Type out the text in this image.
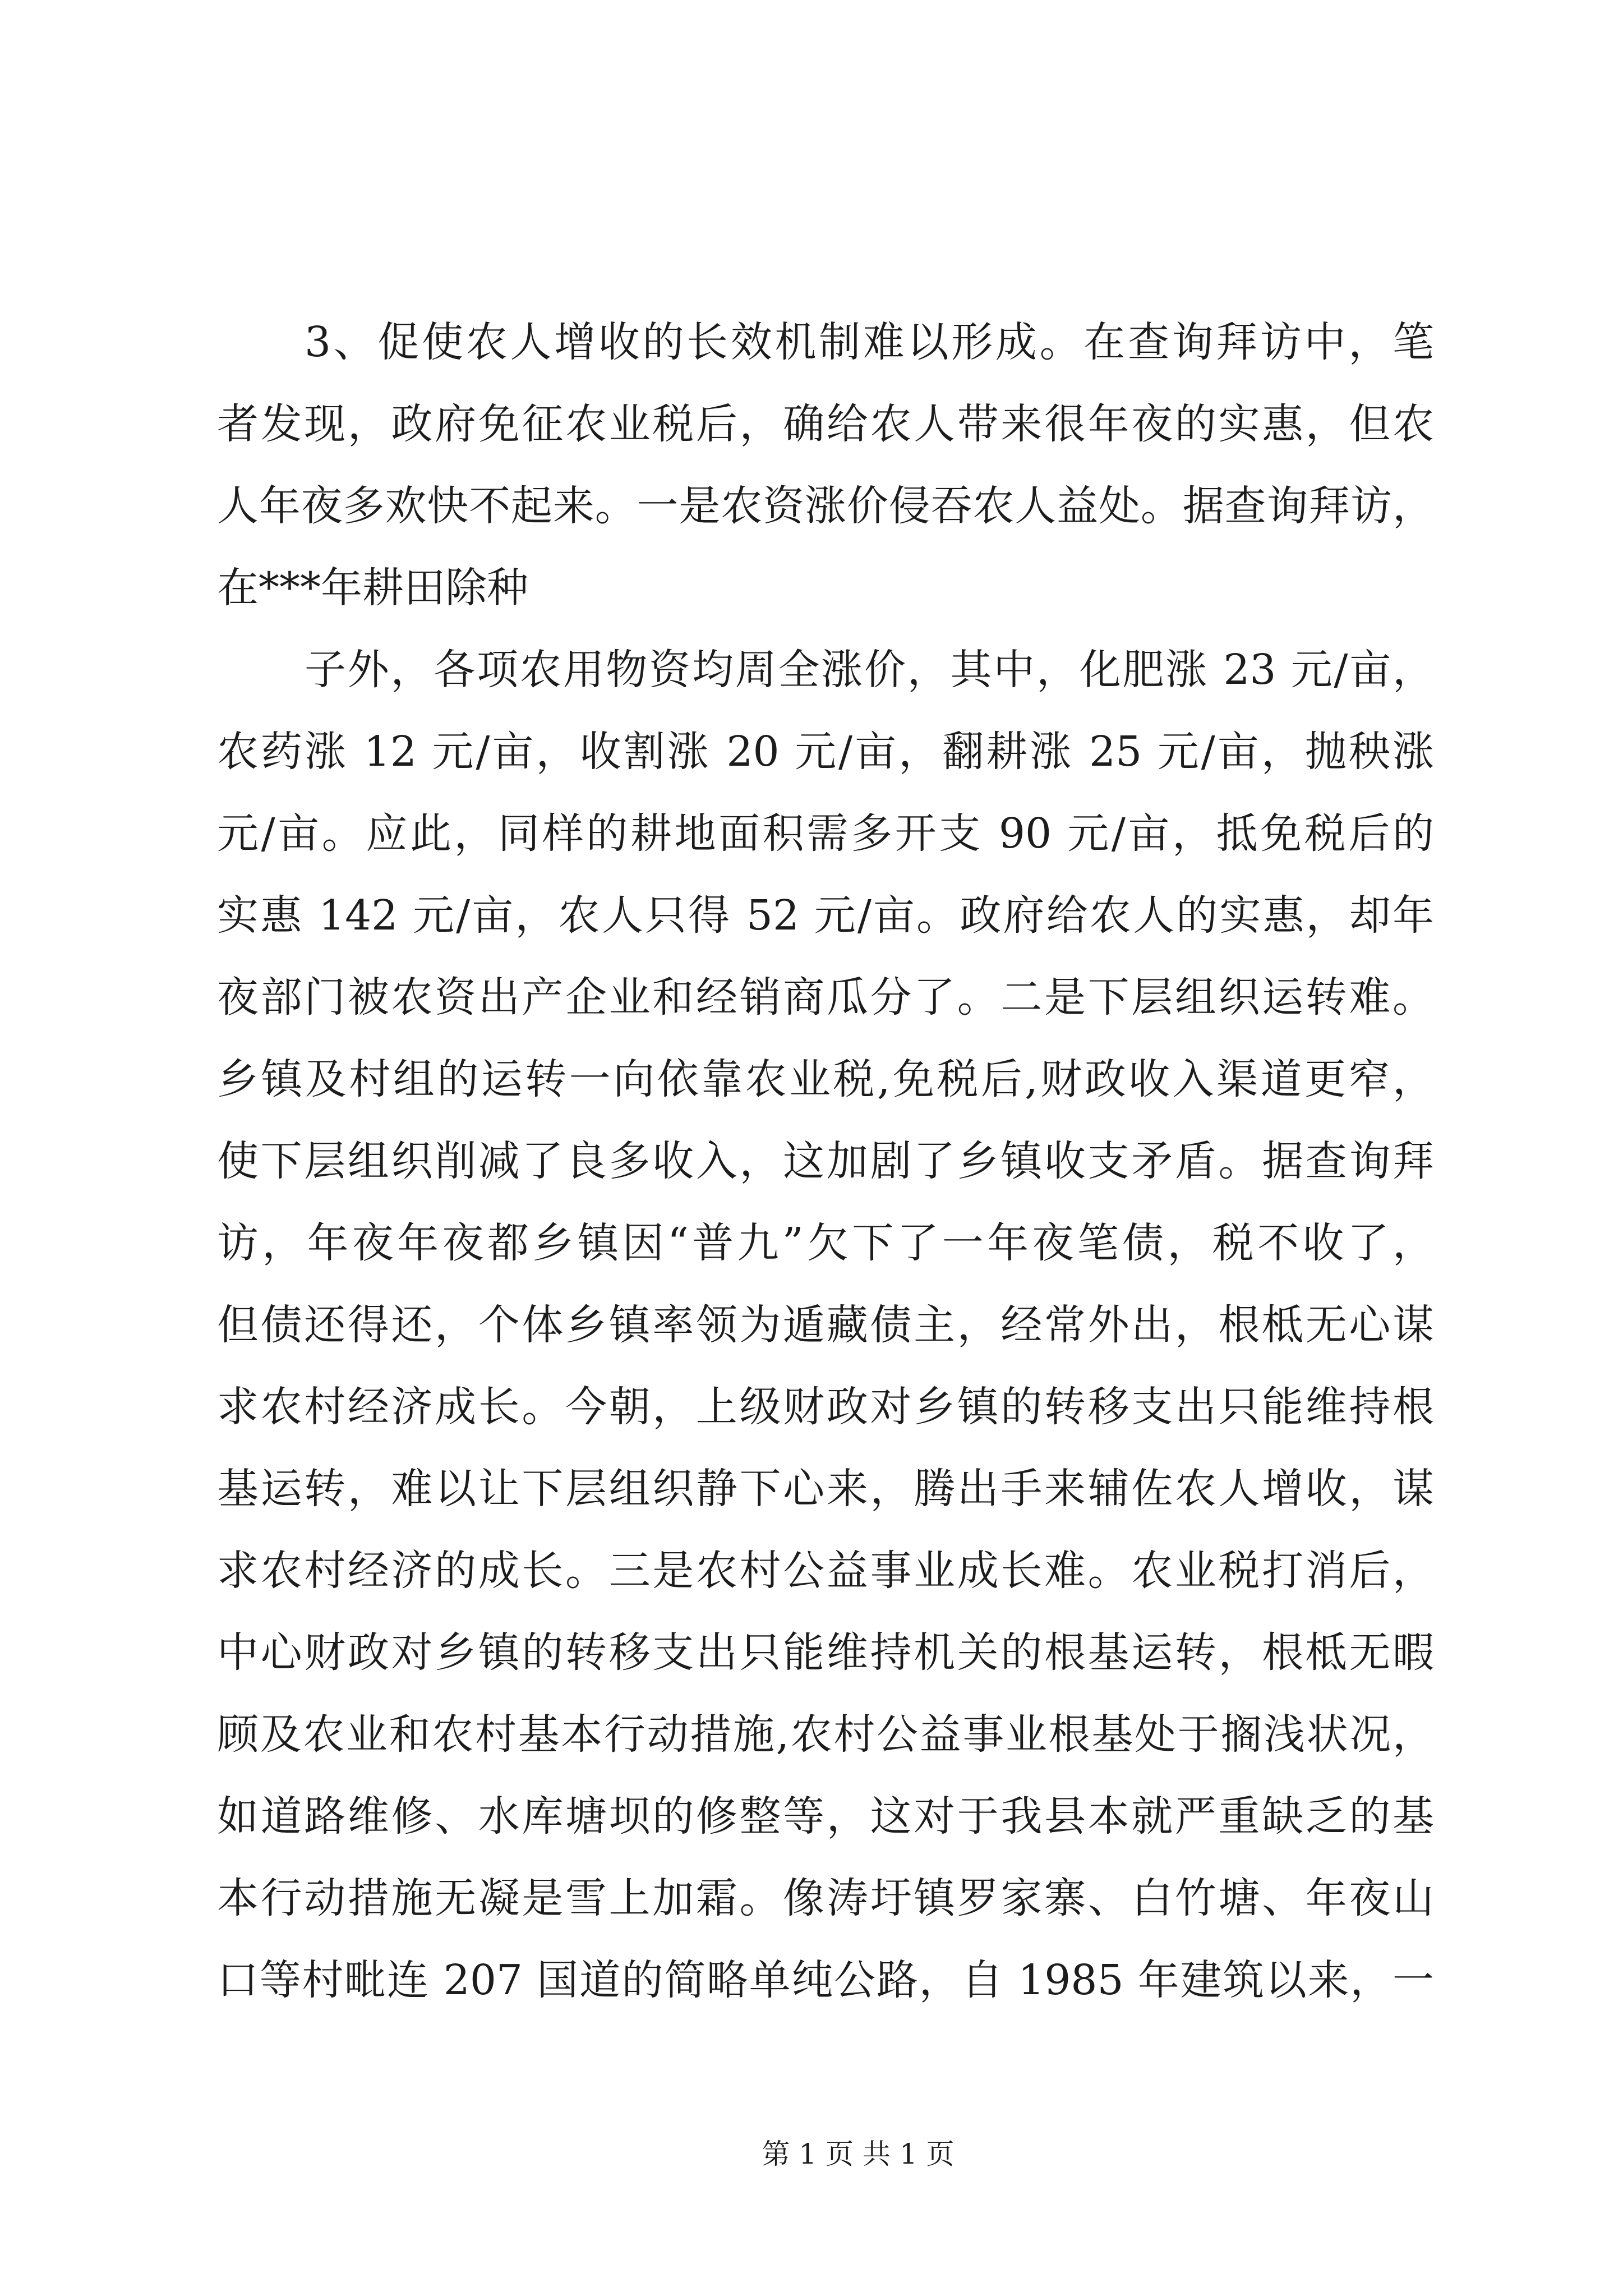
3、促使农人增收的长效机制难以形成。在查询拜访中，笔
者发现，政府免征农业税后，确给农人带来很年夜的实惠，但农
人年夜多欢快不起来。一是农资涨价侵吞农人益处。据查询拜访，
在***年耕田除种
子外，各项农用物资均周全涨价，其中，化肥涨 23 元/亩，
农药涨 12 元/亩，收割涨 20 元/亩，翻耕涨 25 元/亩，抛秧涨
元/亩。应此，同样的耕地面积需多开支 90 元/亩，抵免税后的
实惠 142 元/亩，农人只得 52 元/亩。政府给农人的实惠，却年
夜部门被农资出产企业和经销商瓜分了。二是下层组织运转难。
乡镇及村组的运转一向依靠农业税,免税后,财政收入渠道更窄，
使下层组织削减了良多收入，这加剧了乡镇收支矛盾。据查询拜
访，年夜年夜都乡镇因“普九”欠下了一年夜笔债，税不收了，
但债还得还，个体乡镇率领为遁藏债主，经常外出，根柢无心谋
求农村经济成长。今朝，上级财政对乡镇的转移支出只能维持根
基运转，难以让下层组织静下心来，腾出手来辅佐农人增收，谋
求农村经济的成长。三是农村公益事业成长难。农业税打消后，
中心财政对乡镇的转移支出只能维持机关的根基运转，根柢无暇
顾及农业和农村基本行动措施,农村公益事业根基处于搁浅状况，
如道路维修、水库塘坝的修整等，这对于我县本就严重缺乏的基
本行动措施无凝是雪上加霜。像涛圩镇罗家寨、白竹塘、年夜山
口等村毗连 207 国道的简略单纯公路，自 1985 年建筑以来，一
第 1 页 共 1 页
